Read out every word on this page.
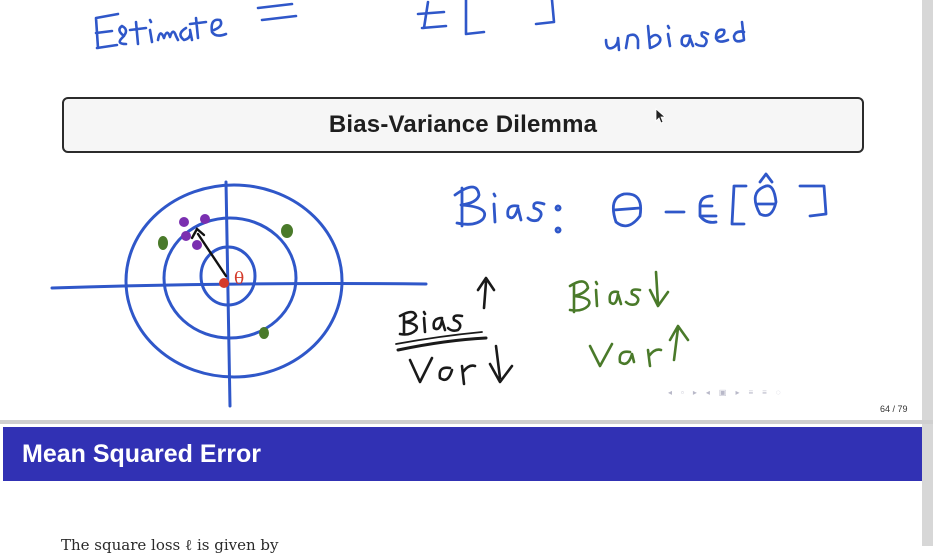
θ
Bias-Variance Dilemma
◂ ▫ ▸ ◂ ▣ ▸ ≡ ≡ ◌
64 / 79
Mean Squared Error
The square loss ℓ is given by
